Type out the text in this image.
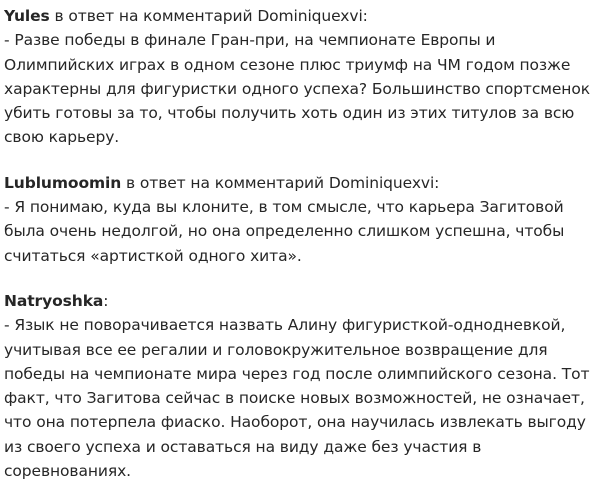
Yules в ответ на комментарий Dominiquexvi:

- Разве победы в финале Гран-при, на чемпионате Европы и Олимпийских играх в одном сезоне плюс триумф на ЧМ годом позже характерны для фигуристки одного успеха? Большинство спортсменок убить готовы за то, чтобы получить хоть один из этих титулов за всю свою карьеру.

Lublumoomin в ответ на комментарий Dominiquexvi:

- Я понимаю, куда вы клоните, в том смысле, что карьера Загитовой была очень недолгой, но она определенно слишком успешна, чтобы считаться «артисткой одного хита».

Natryoshka:

- Язык не поворачивается назвать Алину фигуристкой-однодневкой, учитывая все ее регалии и головокружительное возвращение для победы на чемпионате мира через год после олимпийского сезона. Тот факт, что Загитова сейчас в поиске новых возможностей, не означает, что она потерпела фиаско. Наоборот, она научилась извлекать выгоду из своего успеха и оставаться на виду даже без участия в соревнованиях.
